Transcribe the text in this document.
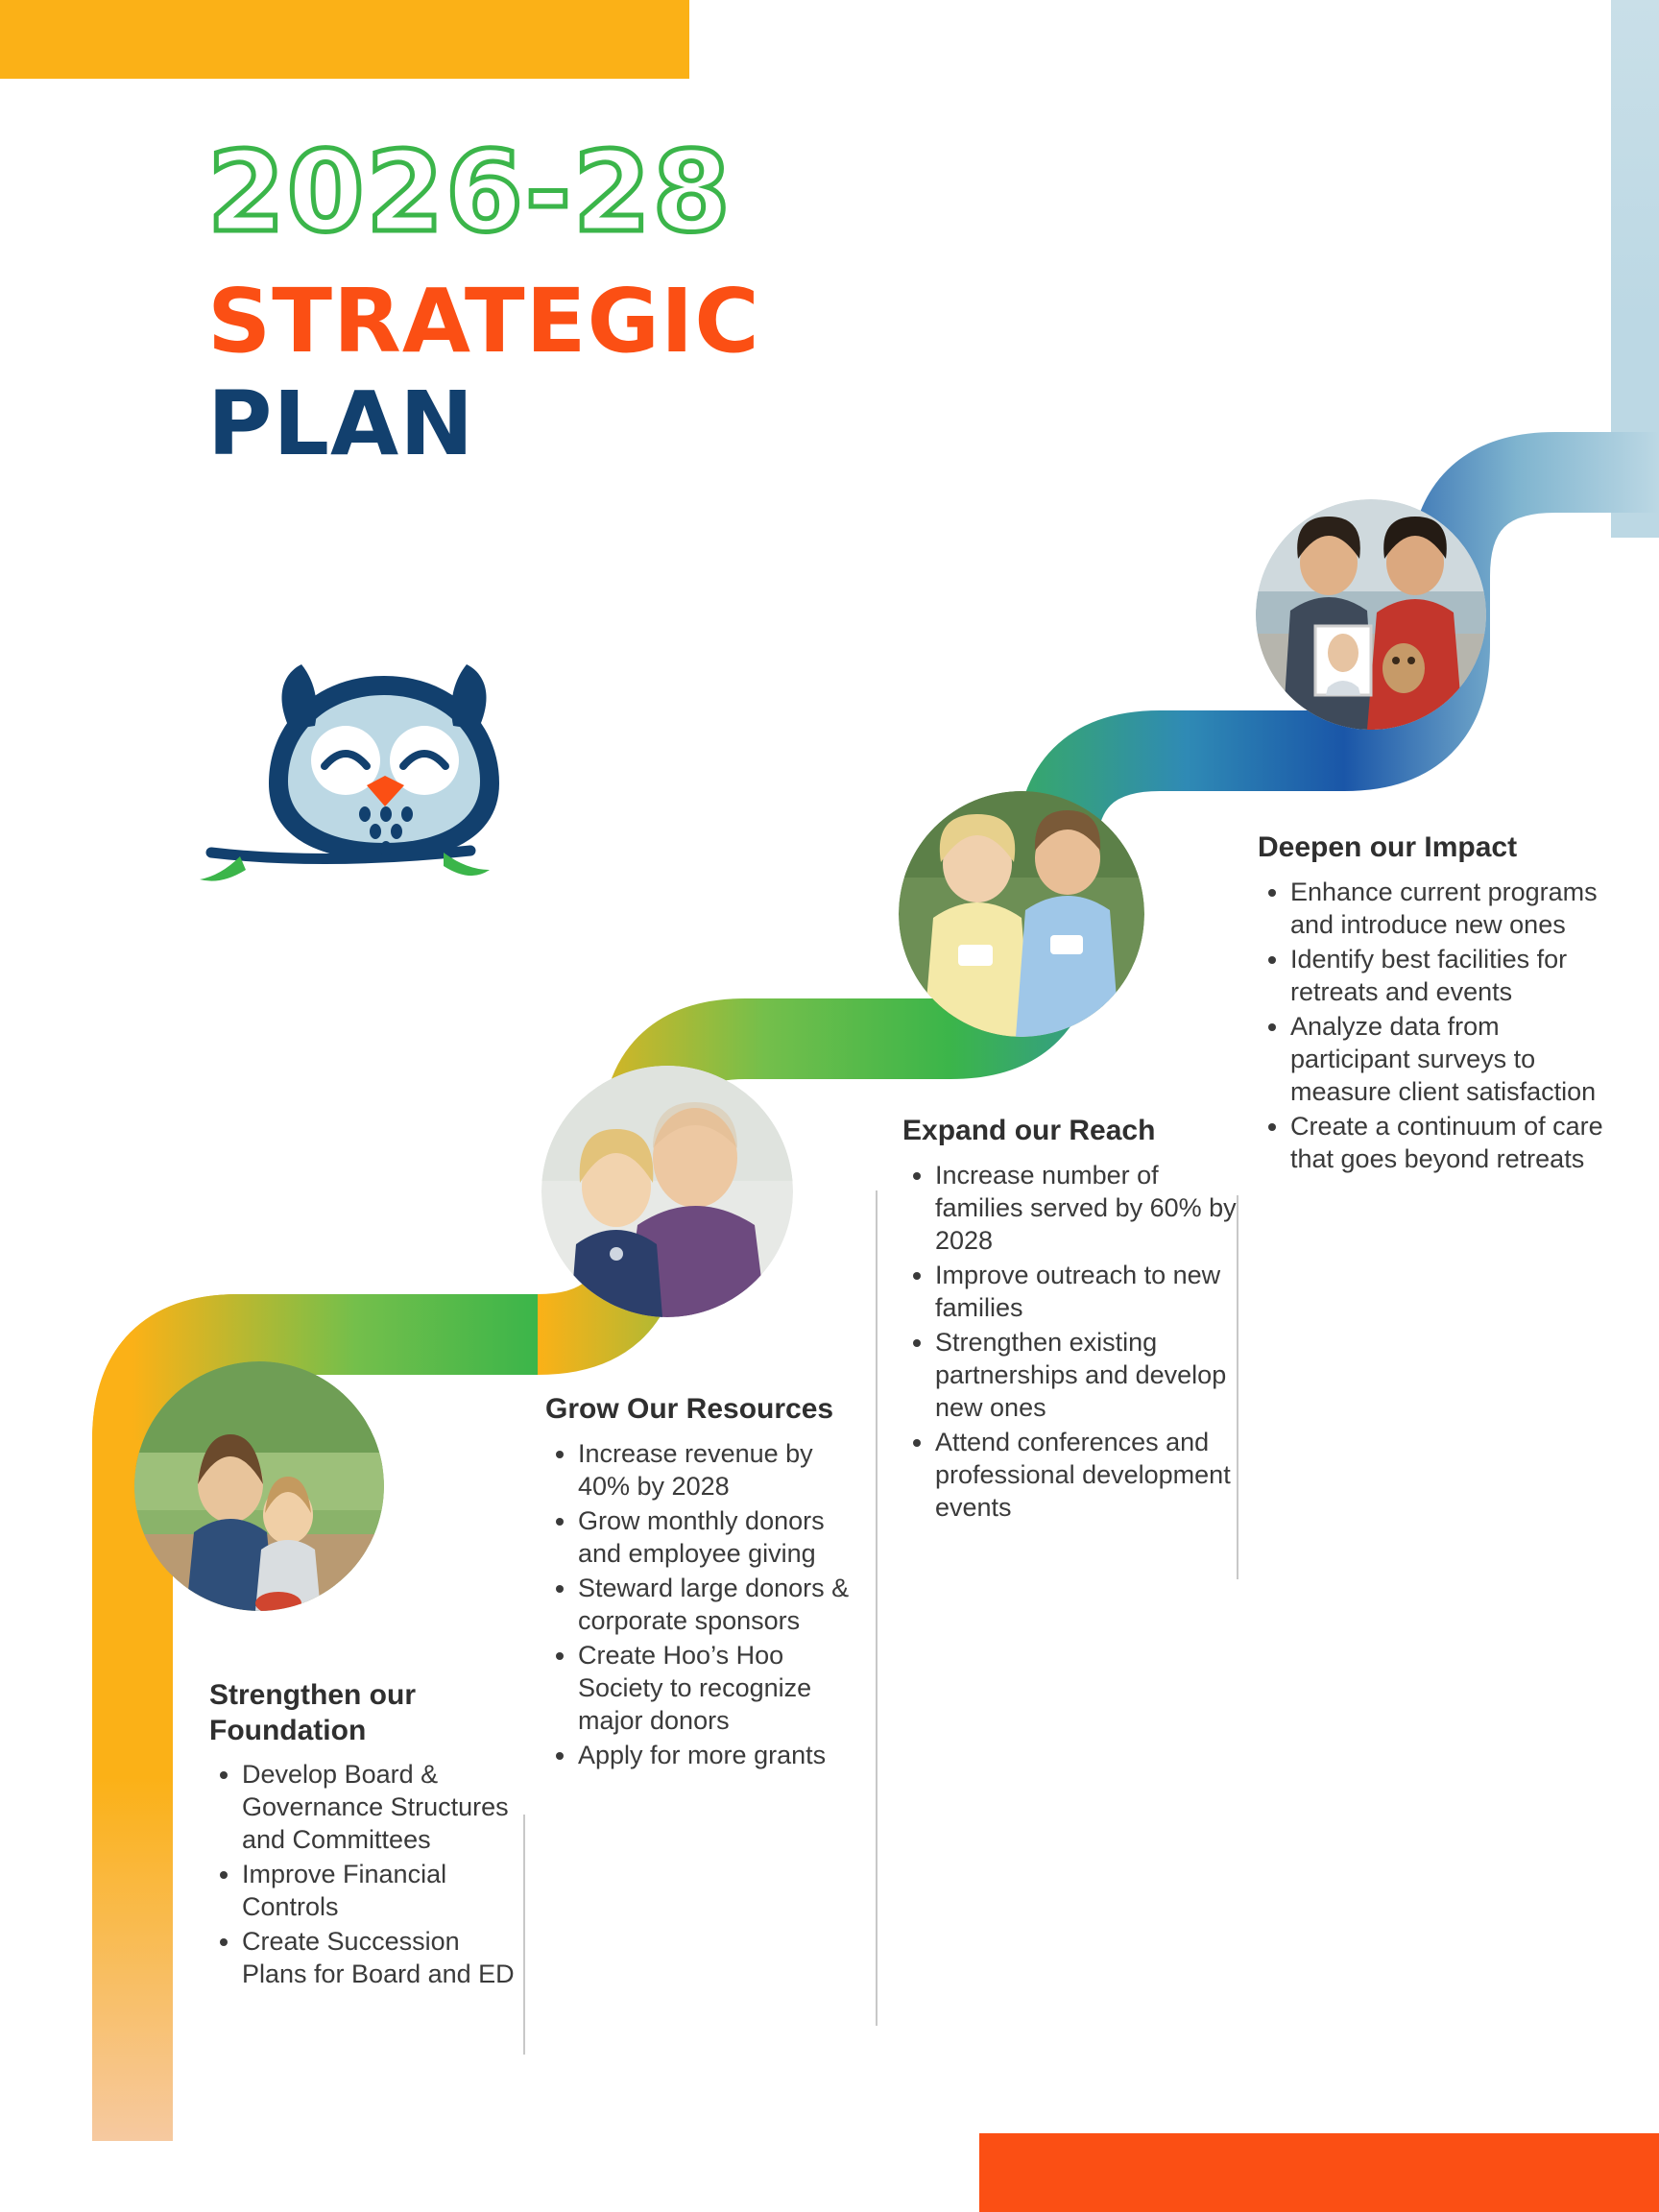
2026-28
STRATEGIC
PLAN
Strengthen our Foundation
• Develop Board & Governance Structures and Committees
• Improve Financial Controls
• Create Succession Plans for Board and ED
Grow Our Resources
• Increase revenue by 40% by 2028
• Grow monthly donors and employee giving
• Steward large donors & corporate sponsors
• Create Hoo’s Hoo Society to recognize major donors
• Apply for more grants
Expand our Reach
• Increase number of families served by 60% by 2028
• Improve outreach to new families
• Strengthen existing partnerships and develop new ones
• Attend conferences and professional development events
Deepen our Impact
• Enhance current programs and introduce new ones
• Identify best facilities for retreats and events
• Analyze data from participant surveys to measure client satisfaction
• Create a continuum of care that goes beyond retreats
